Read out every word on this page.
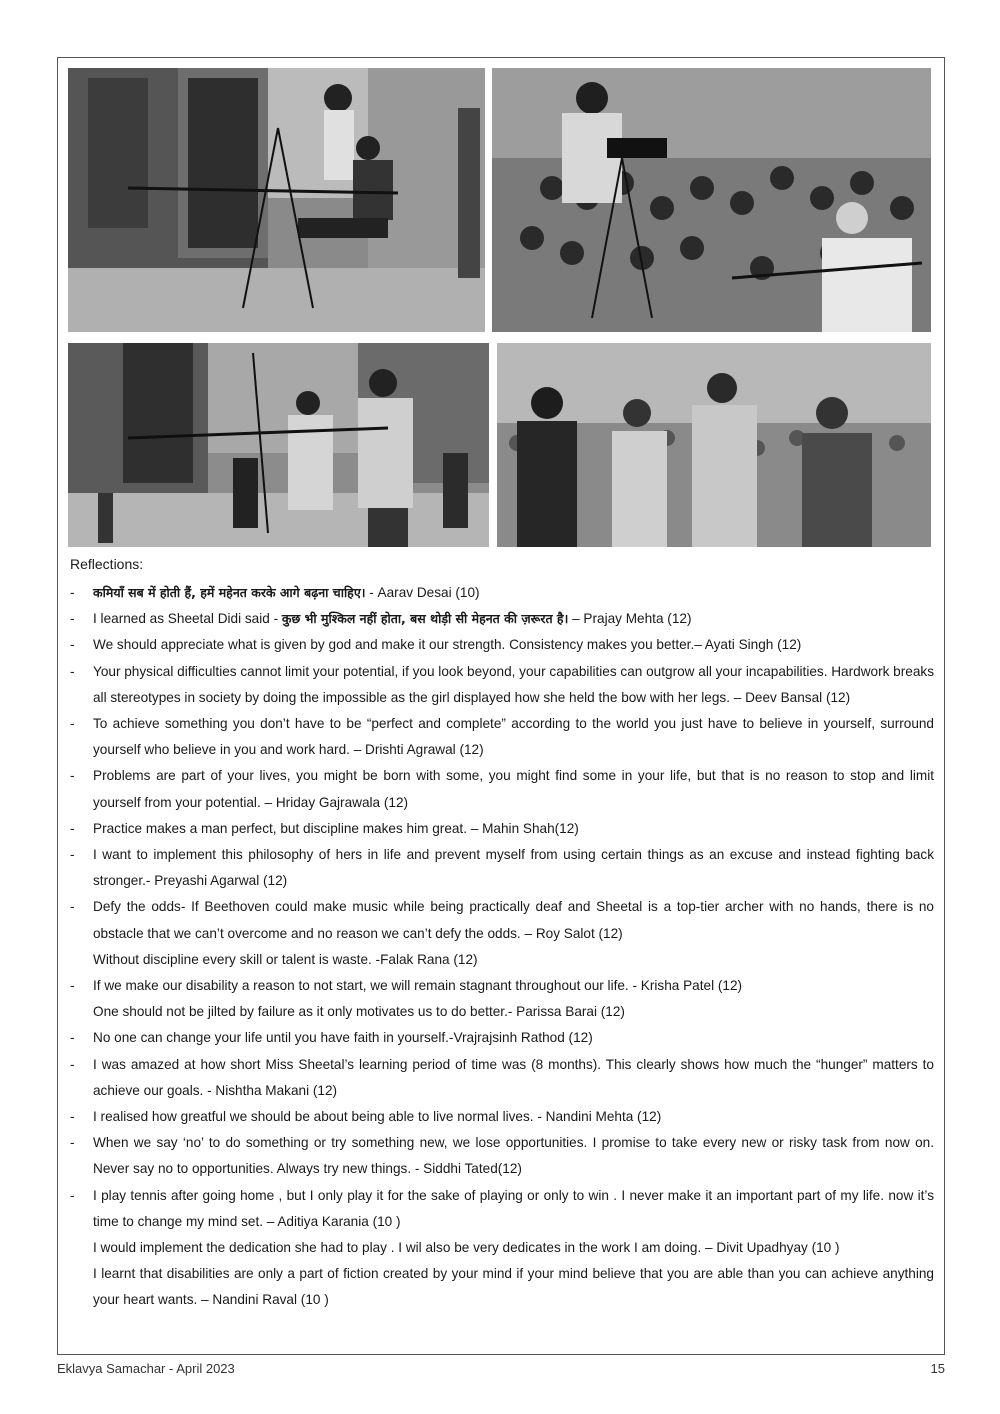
Reflections:
- कमियाँ सब में होती हैं, हमें महेनत करके आगे बढ़ना चाहिए। - Aarav Desai (10)
- I learned as Sheetal Didi said - कुछ भी मुश्किल नहीं होता, बस थोड़ी सी मेहनत की ज़रूरत है। – Prajay Mehta (12)
- We should appreciate what is given by god and make it our strength. Consistency makes you better.– Ayati Singh (12)
- Your physical difficulties cannot limit your potential, if you look beyond, your capabilities can outgrow all your incapabilities. Hardwork breaks all stereotypes in society by doing the impossible as the girl displayed how she held the bow with her legs. – Deev Bansal (12)
- To achieve something you don’t have to be “perfect and complete” according to the world you just have to believe in yourself, surround yourself who believe in you and work hard. – Drishti Agrawal (12)
- Problems are part of your lives, you might be born with some, you might find some in your life, but that is no reason to stop and limit yourself from your potential. – Hriday Gajrawala (12)
- Practice makes a man perfect, but discipline makes him great. – Mahin Shah(12)
- I want to implement this philosophy of hers in life and prevent myself from using certain things as an excuse and instead fighting back stronger.- Preyashi Agarwal (12)
- Defy the odds- If Beethoven could make music while being practically deaf and Sheetal is a top-tier archer with no hands, there is no obstacle that we can’t overcome and no reason we can’t defy the odds. – Roy Salot (12)
Without discipline every skill or talent is waste. -Falak Rana (12)
- If we make our disability a reason to not start, we will remain stagnant throughout our life. - Krisha Patel (12)
One should not be jilted by failure as it only motivates us to do better.- Parissa Barai (12)
- No one can change your life until you have faith in yourself.-Vrajrajsinh Rathod (12)
- I was amazed at how short Miss Sheetal’s learning period of time was (8 months). This clearly shows how much the “hunger” matters to achieve our goals. - Nishtha Makani (12)
- I realised how greatful we should be about being able to live normal lives. - Nandini Mehta (12)
- When we say ‘no’ to do something or try something new, we lose opportunities. I promise to take every new or risky task from now on. Never say no to opportunities. Always try new things. - Siddhi Tated(12)
- I play tennis after going home , but I only play it for the sake of playing or only to win . I never make it an important part of my life. now it’s time to change my mind set. – Aditiya Karania (10 )
I would implement the dedication she had to play . I wil also be very dedicates in the work I am doing. – Divit Upadhyay (10 )
I learnt that disabilities are only a part of fiction created by your mind if your mind believe that you are able than you can achieve anything your heart wants. – Nandini Raval (10 )
Eklavya Samachar - April 2023	15
